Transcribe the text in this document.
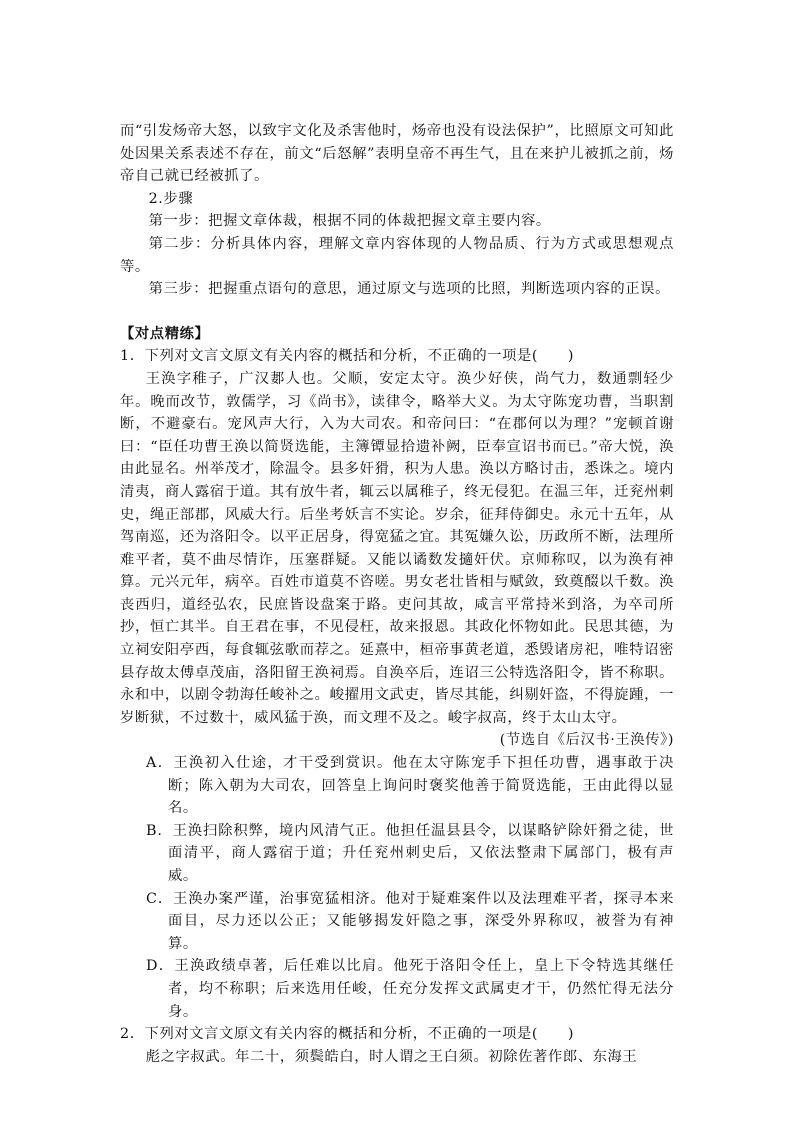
而“引发炀帝大怒，以致宇文化及杀害他时，炀帝也没有设法保护”，比照原文可知此处因果关系表述不存在，前文“后怒解”表明皇帝不再生气，且在来护儿被抓之前，炀帝自己就已经被抓了。

2.步骤

第一步：把握文章体裁，根据不同的体裁把握文章主要内容。

第二步：分析具体内容，理解文章内容体现的人物品质、行为方式或思想观点等。

第三步：把握重点语句的意思，通过原文与选项的比照，判断选项内容的正误。

【对点精练】

1．下列对文言文原文有关内容的概括和分析，不正确的一项是(　　)

王涣字稚子，广汉郪人也。父顺，安定太守。涣少好侠，尚气力，数通剽轻少年。晚而改节，敦儒学，习《尚书》，读律令，略举大义。为太守陈宠功曹，当职割断，不避豪右。宠风声大行，入为大司农。和帝问曰：“在郡何以为理？”宠顿首谢曰：“臣任功曹王涣以简贤选能，主簿镡显拾遗补阙，臣奉宣诏书而已。”帝大悦，涣由此显名。州举茂才，除温令。县多奸猾，积为人患。涣以方略讨击，悉诛之。境内清夷，商人露宿于道。其有放牛者，辄云以属稚子，终无侵犯。在温三年，迁兖州刺史，绳正部郡，风威大行。后坐考妖言不实论。岁余，征拜侍御史。永元十五年，从驾南巡，还为洛阳令。以平正居身，得宽猛之宜。其冤嫌久讼，历政所不断，法理所难平者，莫不曲尽情诈，压塞群疑。又能以谲数发擿奸伏。京师称叹，以为涣有神算。元兴元年，病卒。百姓市道莫不咨嗟。男女老壮皆相与赋敛，致奠醊以千数。涣丧西归，道经弘农，民庶皆设盘案于路。吏问其故，咸言平常持米到洛，为卒司所抄，恒亡其半。自王君在事，不见侵枉，故来报恩。其政化怀物如此。民思其德，为立祠安阳亭西，每食辄弦歌而荐之。延熹中，桓帝事黄老道，悉毁诸房祀，唯特诏密县存故太傅卓茂庙，洛阳留王涣祠焉。自涣卒后，连诏三公特选洛阳令，皆不称职。永和中，以剧令勃海任峻补之。峻擢用文武吏，皆尽其能，纠剔奸盗，不得旋踵，一岁断狱，不过数十，威风猛于涣，而文理不及之。峻字叔高，终于太山太守。

(节选自《后汉书·王涣传》)

A．王涣初入仕途，才干受到赏识。他在太守陈宠手下担任功曹，遇事敢于决断；陈入朝为大司农，回答皇上询问时褒奖他善于简贤选能，王由此得以显名。

B．王涣扫除积弊，境内风清气正。他担任温县县令，以谋略铲除奸猾之徒，世面清平，商人露宿于道；升任兖州刺史后，又依法整肃下属部门，极有声威。

C．王涣办案严谨，治事宽猛相济。他对于疑难案件以及法理难平者，探寻本来面目，尽力还以公正；又能够揭发奸隐之事，深受外界称叹，被誉为有神算。

D．王涣政绩卓著，后任难以比肩。他死于洛阳令任上，皇上下令特选其继任者，均不称职；后来选用任峻，任充分发挥文武属吏才干，仍然忙得无法分身。

2．下列对文言文原文有关内容的概括和分析，不正确的一项是(　　)

彪之字叔武。年二十，须鬓皓白，时人谓之王白须。初除佐著作郎、东海王
